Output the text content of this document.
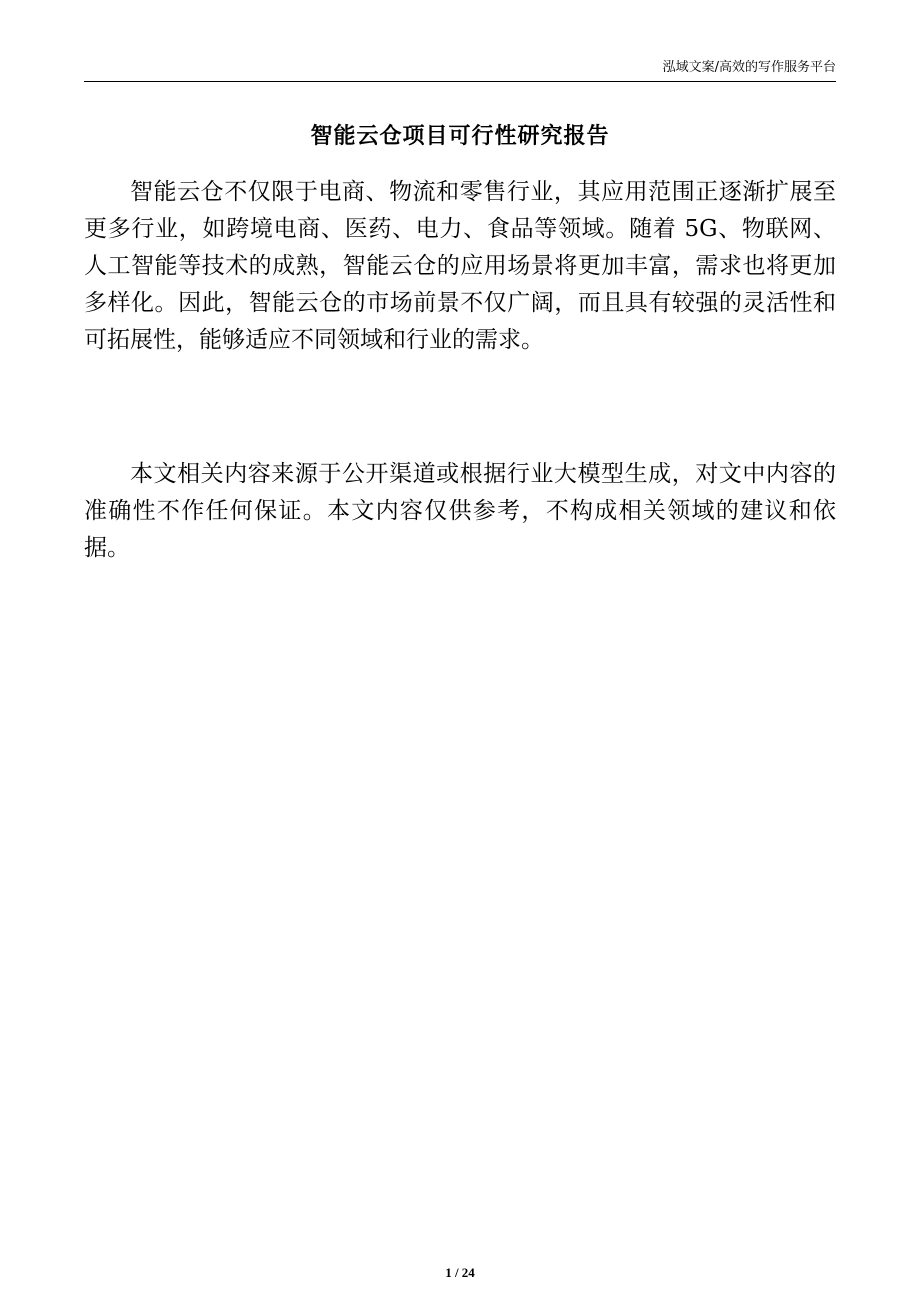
泓域文案/高效的写作服务平台
智能云仓项目可行性研究报告

智能云仓不仅限于电商、物流和零售行业，其应用范围正逐渐扩展至更多行业，如跨境电商、医药、电力、食品等领域。随着 5G、物联网、人工智能等技术的成熟，智能云仓的应用场景将更加丰富，需求也将更加多样化。因此，智能云仓的市场前景不仅广阔，而且具有较强的灵活性和可拓展性，能够适应不同领域和行业的需求。

本文相关内容来源于公开渠道或根据行业大模型生成，对文中内容的准确性不作任何保证。本文内容仅供参考，不构成相关领域的建议和依据。

1 / 24
